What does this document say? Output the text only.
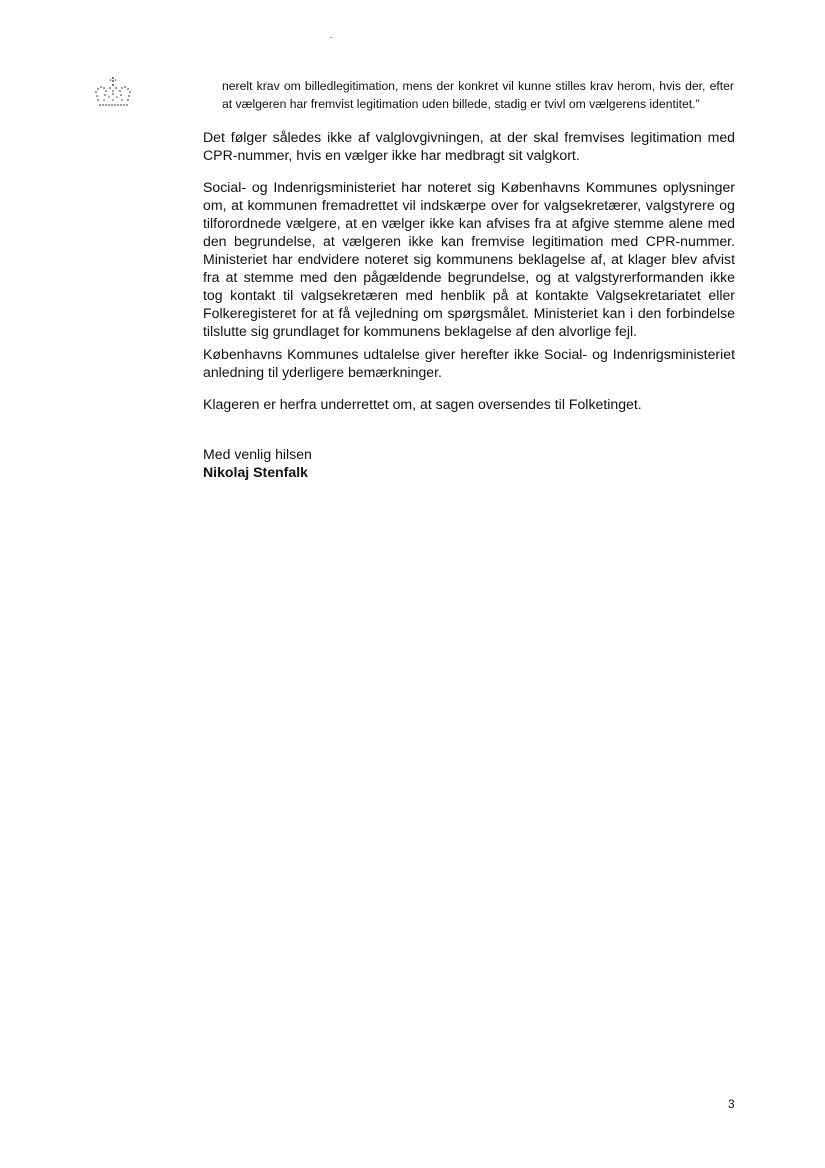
nerelt krav om billedlegitimation, mens der konkret vil kunne stilles krav herom, hvis der, efter at vælgeren har fremvist legitimation uden billede, stadig er tvivl om vælgerens identitet.”

Det følger således ikke af valglovgivningen, at der skal fremvises legitimation med CPR-nummer, hvis en vælger ikke har medbragt sit valgkort.

Social- og Indenrigsministeriet har noteret sig Københavns Kommunes oplysninger om, at kommunen fremadrettet vil indskærpe over for valgsekretærer, valgstyrere og tilforordnede vælgere, at en vælger ikke kan afvises fra at afgive stemme alene med den begrundelse, at vælgeren ikke kan fremvise legitimation med CPR-nummer. Ministeriet har endvidere noteret sig kommunens beklagelse af, at klager blev afvist fra at stemme med den pågældende begrundelse, og at valgstyrerformanden ikke tog kontakt til valgsekretæren med henblik på at kontakte Valgsekretariatet eller Folkeregisteret for at få vejledning om spørgsmålet. Ministeriet kan i den forbindelse tilslutte sig grundlaget for kommunens beklagelse af den alvorlige fejl.

Københavns Kommunes udtalelse giver herefter ikke Social- og Indenrigsministeriet anledning til yderligere bemærkninger.

Klageren er herfra underrettet om, at sagen oversendes til Folketinget.

Med venlig hilsen

Nikolaj Stenfalk

3
